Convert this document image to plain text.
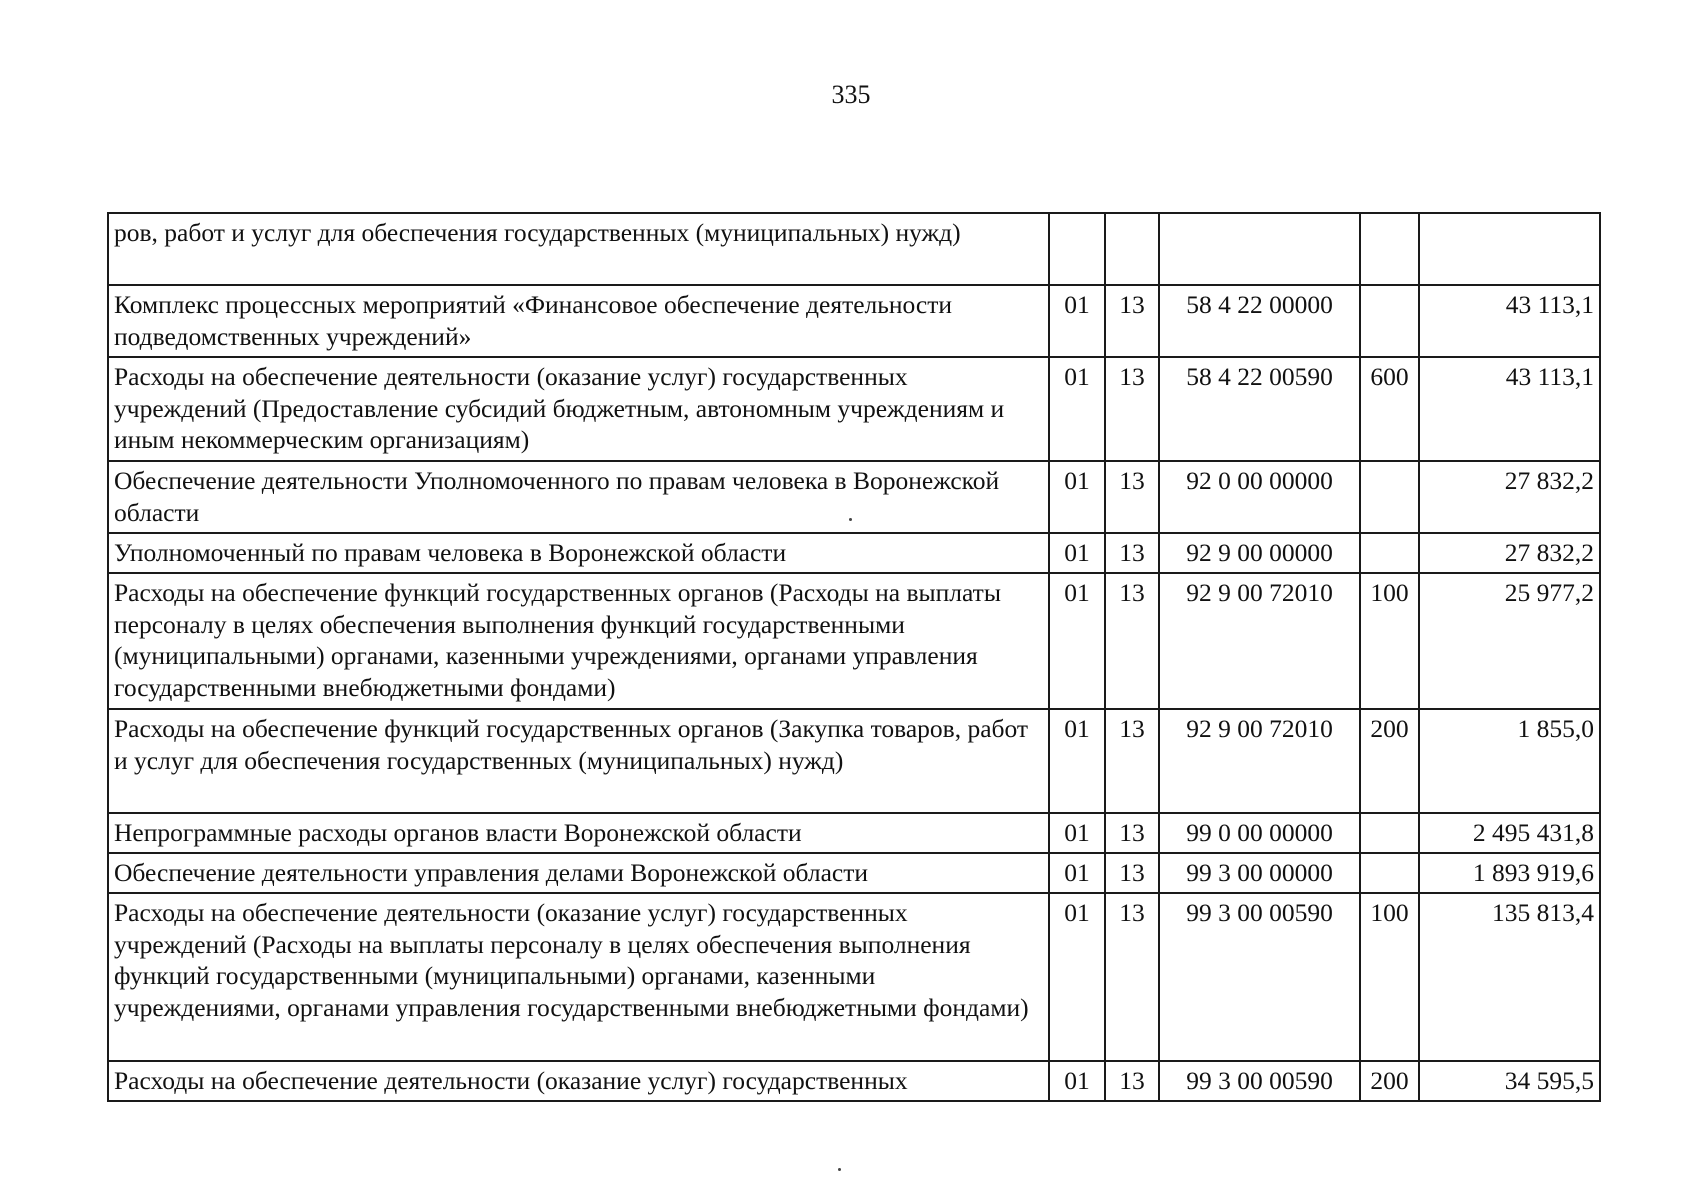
335
ров, работ и услуг для обеспечения государственных (муниципальных) нужд)					
Комплекс процессных мероприятий «Финансовое обеспечение деятельности подведомственных учреждений»	01	13	58 4 22 00000		43 113,1
Расходы на обеспечение деятельности (оказание услуг) государственных учреждений (Предоставление субсидий бюджетным, автономным учреждениям и иным некоммерческим организациям)	01	13	58 4 22 00590	600	43 113,1
Обеспечение деятельности Уполномоченного по правам человека в Воронежской области	01	13	92 0 00 00000		27 832,2
Уполномоченный по правам человека в Воронежской области	01	13	92 9 00 00000		27 832,2
Расходы на обеспечение функций государственных органов (Расходы на выплаты персоналу в целях обеспечения выполнения функций государственными (муниципальными) органами, казенными учреждениями, органами управления государственными внебюджетными фондами)	01	13	92 9 00 72010	100	25 977,2
Расходы на обеспечение функций государственных органов (Закупка товаров, работ и услуг для обеспечения государственных (муниципальных) нужд)	01	13	92 9 00 72010	200	1 855,0
Непрограммные расходы органов власти Воронежской области	01	13	99 0 00 00000		2 495 431,8
Обеспечение деятельности управления делами Воронежской области	01	13	99 3 00 00000		1 893 919,6
Расходы на обеспечение деятельности (оказание услуг) государственных учреждений (Расходы на выплаты персоналу в целях обеспечения выполнения функций государственными (муниципальными) органами, казенными учреждениями, органами управления государственными внебюджетными фондами)	01	13	99 3 00 00590	100	135 813,4
Расходы на обеспечение деятельности (оказание услуг) государственных	01	13	99 3 00 00590	200	34 595,5
